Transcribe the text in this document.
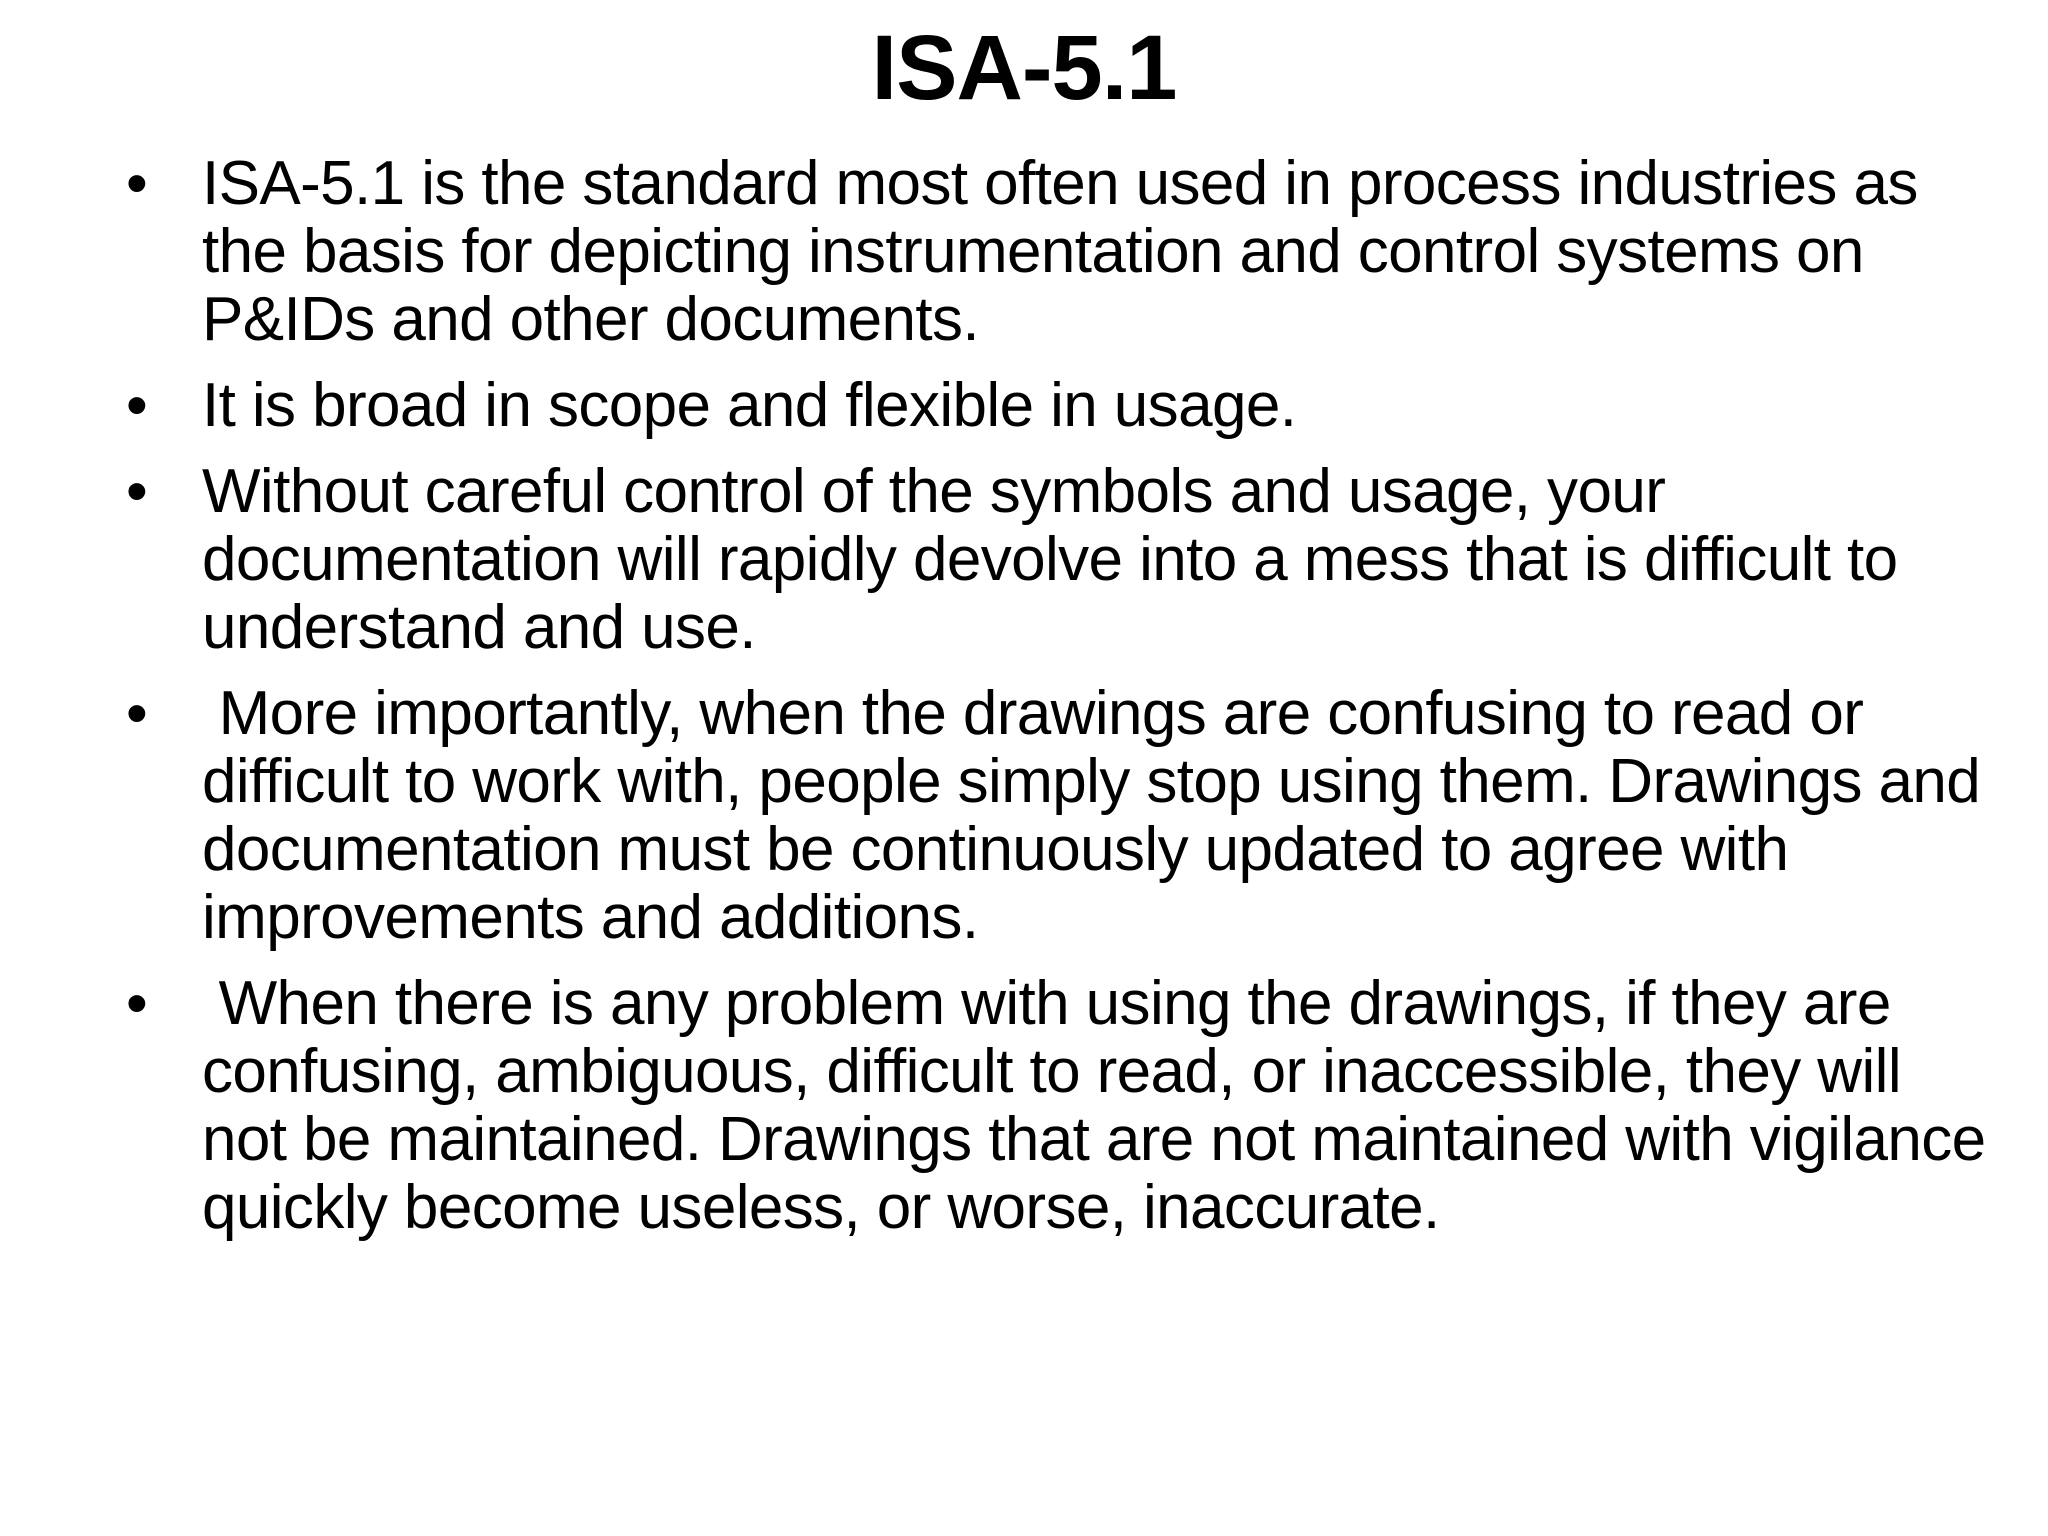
ISA-5.1
• ISA-5.1 is the standard most often used in process industries as the basis for depicting instrumentation and control systems on P&IDs and other documents.
• It is broad in scope and flexible in usage.
• Without careful control of the symbols and usage, your documentation will rapidly devolve into a mess that is difficult to understand and use.
• More importantly, when the drawings are confusing to read or difficult to work with, people simply stop using them. Drawings and documentation must be continuously updated to agree with improvements and additions.
• When there is any problem with using the drawings, if they are confusing, ambiguous, difficult to read, or inaccessible, they will not be maintained. Drawings that are not maintained with vigilance quickly become useless, or worse, inaccurate.
